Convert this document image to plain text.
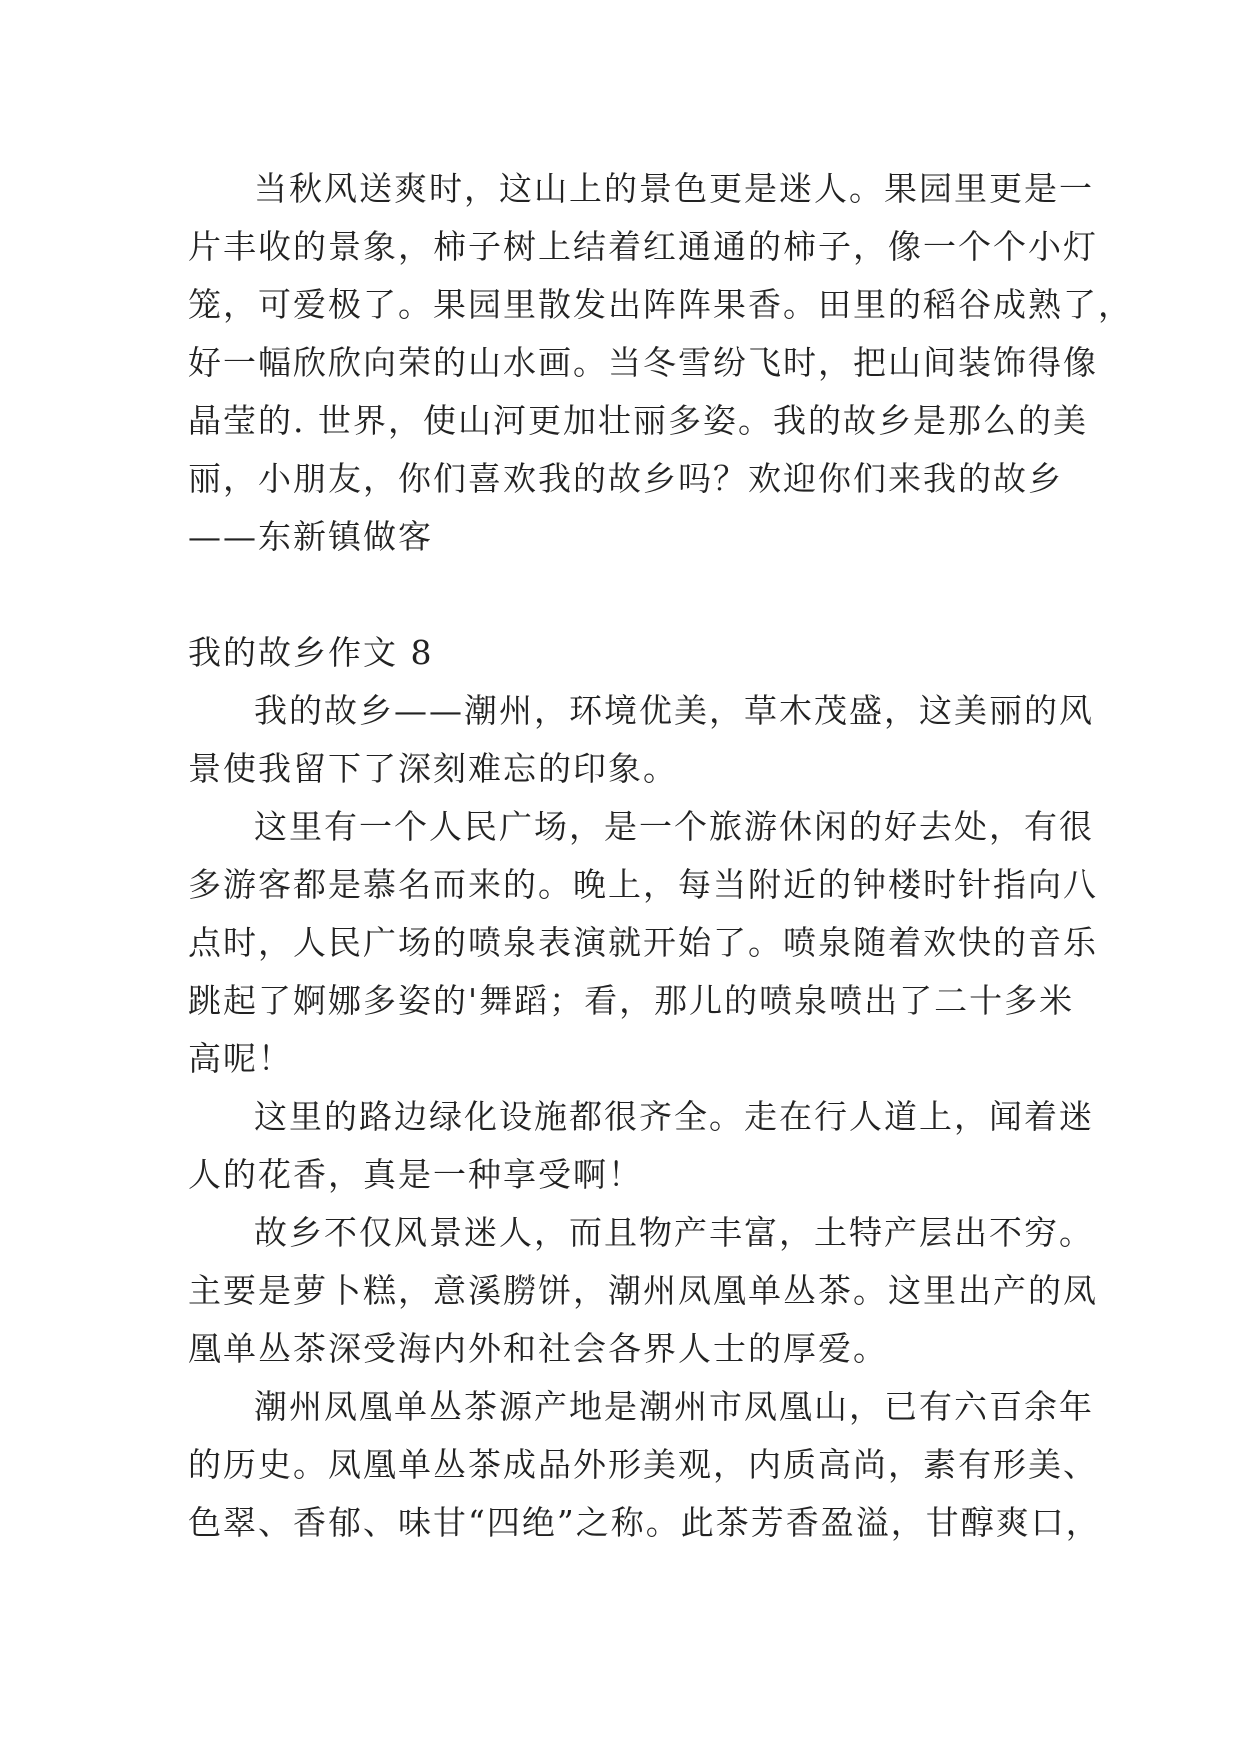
当秋风送爽时，这山上的景色更是迷人。果园里更是一
片丰收的景象，柿子树上结着红通通的柿子，像一个个小灯
笼，可爱极了。果园里散发出阵阵果香。田里的稻谷成熟了，
好一幅欣欣向荣的山水画。当冬雪纷飞时，把山间装饰得像
晶莹的. 世界，使山河更加壮丽多姿。我的故乡是那么的美
丽，小朋友，你们喜欢我的故乡吗？欢迎你们来我的故乡
——东新镇做客
我的故乡作文 8
我的故乡——潮州，环境优美，草木茂盛，这美丽的风
景使我留下了深刻难忘的印象。
这里有一个人民广场，是一个旅游休闲的好去处，有很
多游客都是慕名而来的。晚上，每当附近的钟楼时针指向八
点时，人民广场的喷泉表演就开始了。喷泉随着欢快的音乐
跳起了婀娜多姿的'舞蹈；看，那儿的喷泉喷出了二十多米
高呢！
这里的路边绿化设施都很齐全。走在行人道上，闻着迷
人的花香，真是一种享受啊！
故乡不仅风景迷人，而且物产丰富，土特产层出不穷。
主要是萝卜糕，意溪朥饼，潮州凤凰单丛茶。这里出产的凤
凰单丛茶深受海内外和社会各界人士的厚爱。
潮州凤凰单丛茶源产地是潮州市凤凰山，已有六百余年
的历史。凤凰单丛茶成品外形美观，内质高尚，素有形美、
色翠、香郁、味甘“四绝”之称。此茶芳香盈溢，甘醇爽口，
